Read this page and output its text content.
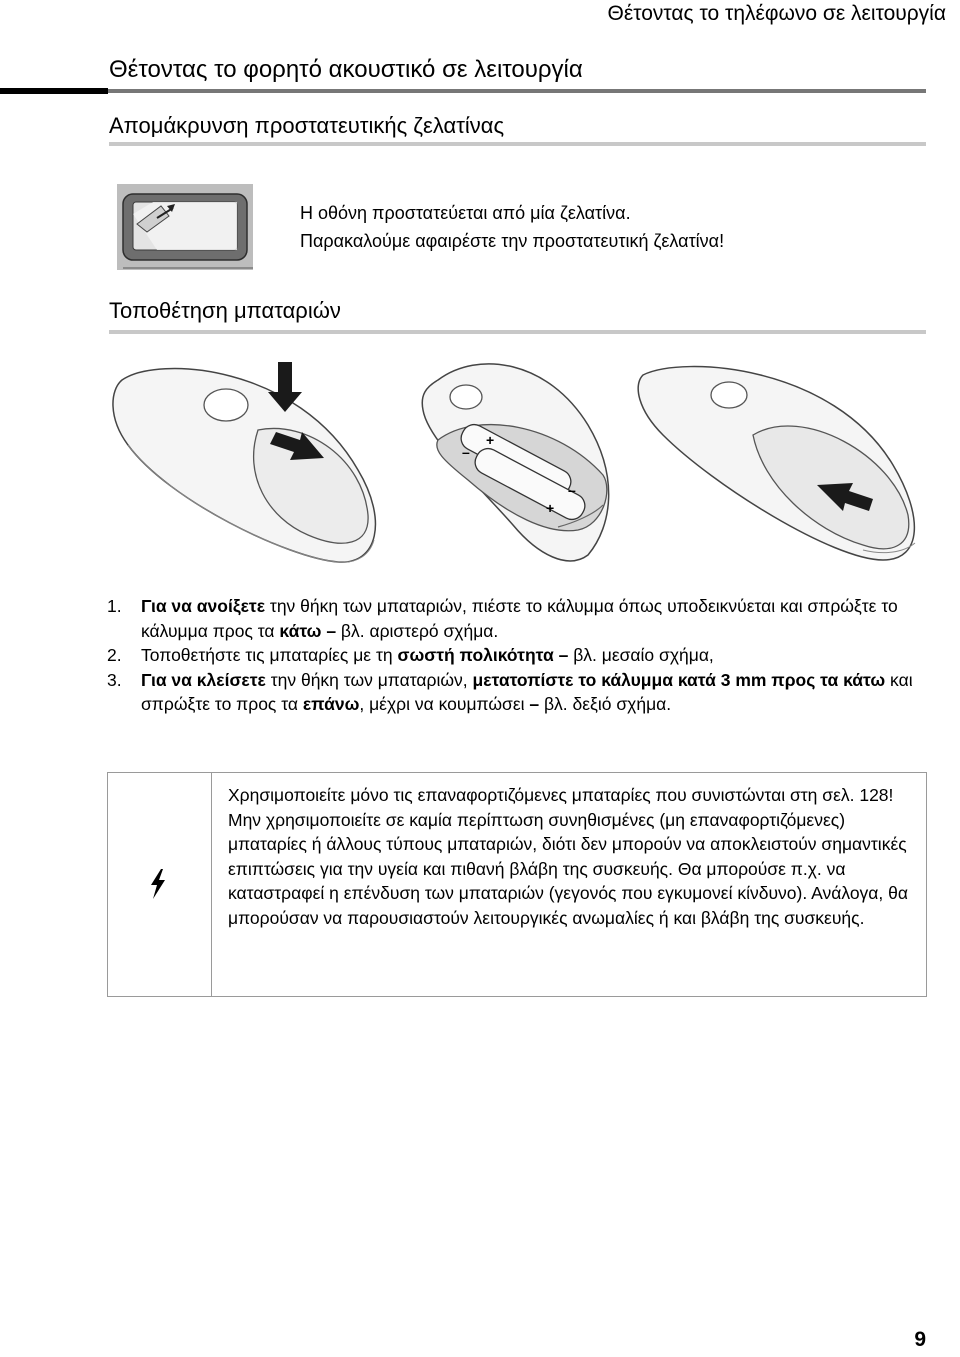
Θέτοντας το τηλέφωνο σε λειτουργία
Θέτοντας το φορητό ακουστικό σε λειτουργία
Απομάκρυνση προστατευτικής ζελατίνας
Η οθόνη προστατεύεται από μία ζελατίνα.
Παρακαλούμε αφαιρέστε την προστατευτική ζελατίνα!
Τοποθέτηση μπαταριών
+
–
–
+
1. Για να ανοίξετε την θήκη των μπαταριών, πιέστε το κάλυμμα όπως υποδεικνύεται και σπρώξτε το κάλυμμα προς τα κάτω – βλ. αριστερό σχήμα.
2. Τοποθετήστε τις μπαταρίες με τη σωστή πολικότητα – βλ. μεσαίο σχήμα,
3. Για να κλείσετε την θήκη των μπαταριών, μετατοπίστε το κάλυμμα κατά 3 mm προς τα κάτω και σπρώξτε το προς τα επάνω, μέχρι να κουμπώσει – βλ. δεξιό σχήμα.
Χρησιμοποιείτε μόνο τις επαναφορτιζόμενες μπαταρίες που συνιστώνται στη σελ. 128! Μην χρησιμοποιείτε σε καμία περίπτωση συνηθισμένες (μη επαναφορτιζόμενες) μπαταρίες ή άλλους τύπους μπαταριών, διότι δεν μπορούν να αποκλειστούν σημαντικές επιπτώσεις για την υγεία και πιθανή βλάβη της συσκευής. Θα μπορούσε π.χ. να καταστραφεί η επένδυση των μπαταριών (γεγονός που εγκυμονεί κίνδυνο). Ανάλογα, θα μπορούσαν να παρουσιαστούν λειτουργικές ανωμαλίες ή και βλάβη της συσκευής.
9
